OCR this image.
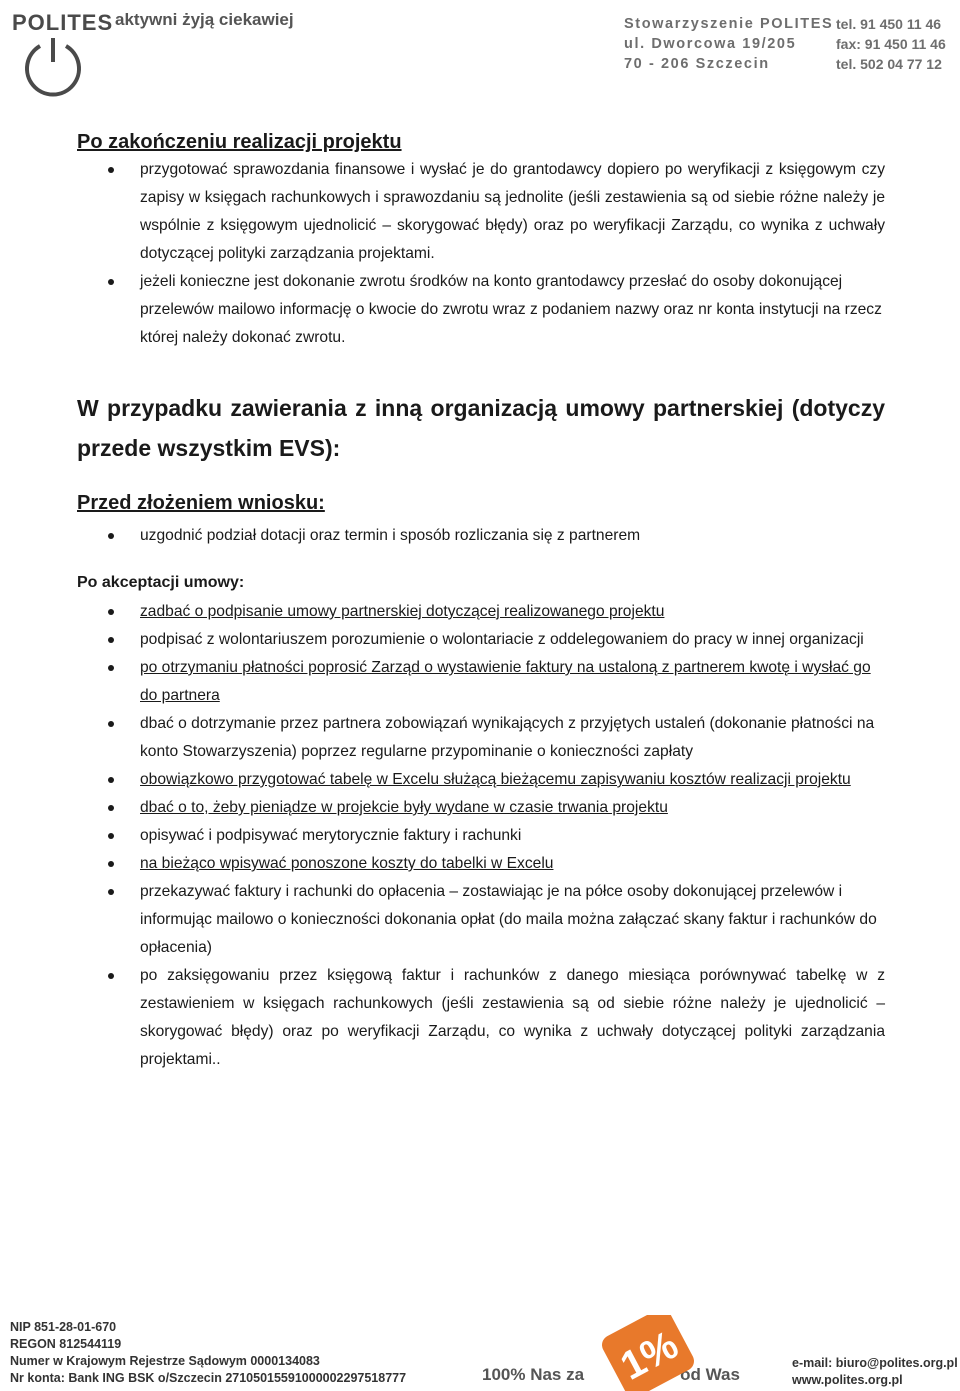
POLITES aktywni żyją ciekawiej	Stowarzyszenie POLITES
ul. Dworcowa 19/205
70 - 206 Szczecin
tel. 91 450 11 46
fax: 91 450 11 46
tel. 502 04 77 12
Po zakończeniu realizacji projektu
przygotować sprawozdania finansowe i wysłać je do grantodawcy dopiero po weryfikacji z księgowym czy zapisy w księgach rachunkowych i sprawozdaniu są jednolite (jeśli zestawienia są od siebie różne należy je wspólnie z księgowym ujednolicić – skorygować błędy) oraz po weryfikacji Zarządu, co wynika z uchwały dotyczącej polityki zarządzania projektami.
jeżeli konieczne jest dokonanie zwrotu środków na konto grantodawcy przesłać do osoby dokonującej przelewów mailowo informację o kwocie do zwrotu wraz z podaniem nazwy oraz nr konta instytucji na rzecz której należy dokonać zwrotu.
W przypadku zawierania z inną organizacją umowy partnerskiej (dotyczy przede wszystkim EVS):
Przed złożeniem wniosku:
uzgodnić podział dotacji oraz termin i sposób rozliczania się z partnerem
Po akceptacji umowy:
zadbać o podpisanie umowy partnerskiej dotyczącej realizowanego projektu
podpisać z wolontariuszem porozumienie o wolontariacie z oddelegowaniem do pracy w innej organizacji
po otrzymaniu płatności poprosić Zarząd o wystawienie faktury na ustaloną z partnerem kwotę i wysłać go do partnera
dbać o dotrzymanie przez partnera zobowiązań wynikających z przyjętych ustaleń (dokonanie płatności na konto Stowarzyszenia) poprzez regularne przypominanie o konieczności zapłaty
obowiązkowo przygotować tabelę w Excelu służącą bieżącemu zapisywaniu kosztów realizacji projektu
dbać o to, żeby pieniądze w projekcie były wydane w czasie trwania projektu
opisywać i podpisywać merytorycznie faktury i rachunki
na bieżąco wpisywać ponoszone koszty do tabelki w Excelu
przekazywać faktury i rachunki do opłacenia – zostawiając je na półce osoby dokonującej przelewów i informując mailowo o konieczności dokonania opłat (do maila można załączać skany faktur i rachunków do opłacenia)
po zaksięgowaniu przez księgową faktur i rachunków z danego miesiąca porównywać tabelkę w z zestawieniem w księgach rachunkowych (jeśli zestawienia są od siebie różne należy je ujednolicić – skorygować błędy) oraz po weryfikacji Zarządu, co wynika z uchwały dotyczącej polityki zarządzania projektami..
NIP 851-28-01-670
REGON 812544119
Numer w Krajowym Rejestrze Sądowym 0000134083
Nr konta: Bank ING BSK o/Szczecin 27105015591000002297518777	100% Nas za	od Was
1%	e-mail: biuro@polites.org.pl
www.polites.org.pl
